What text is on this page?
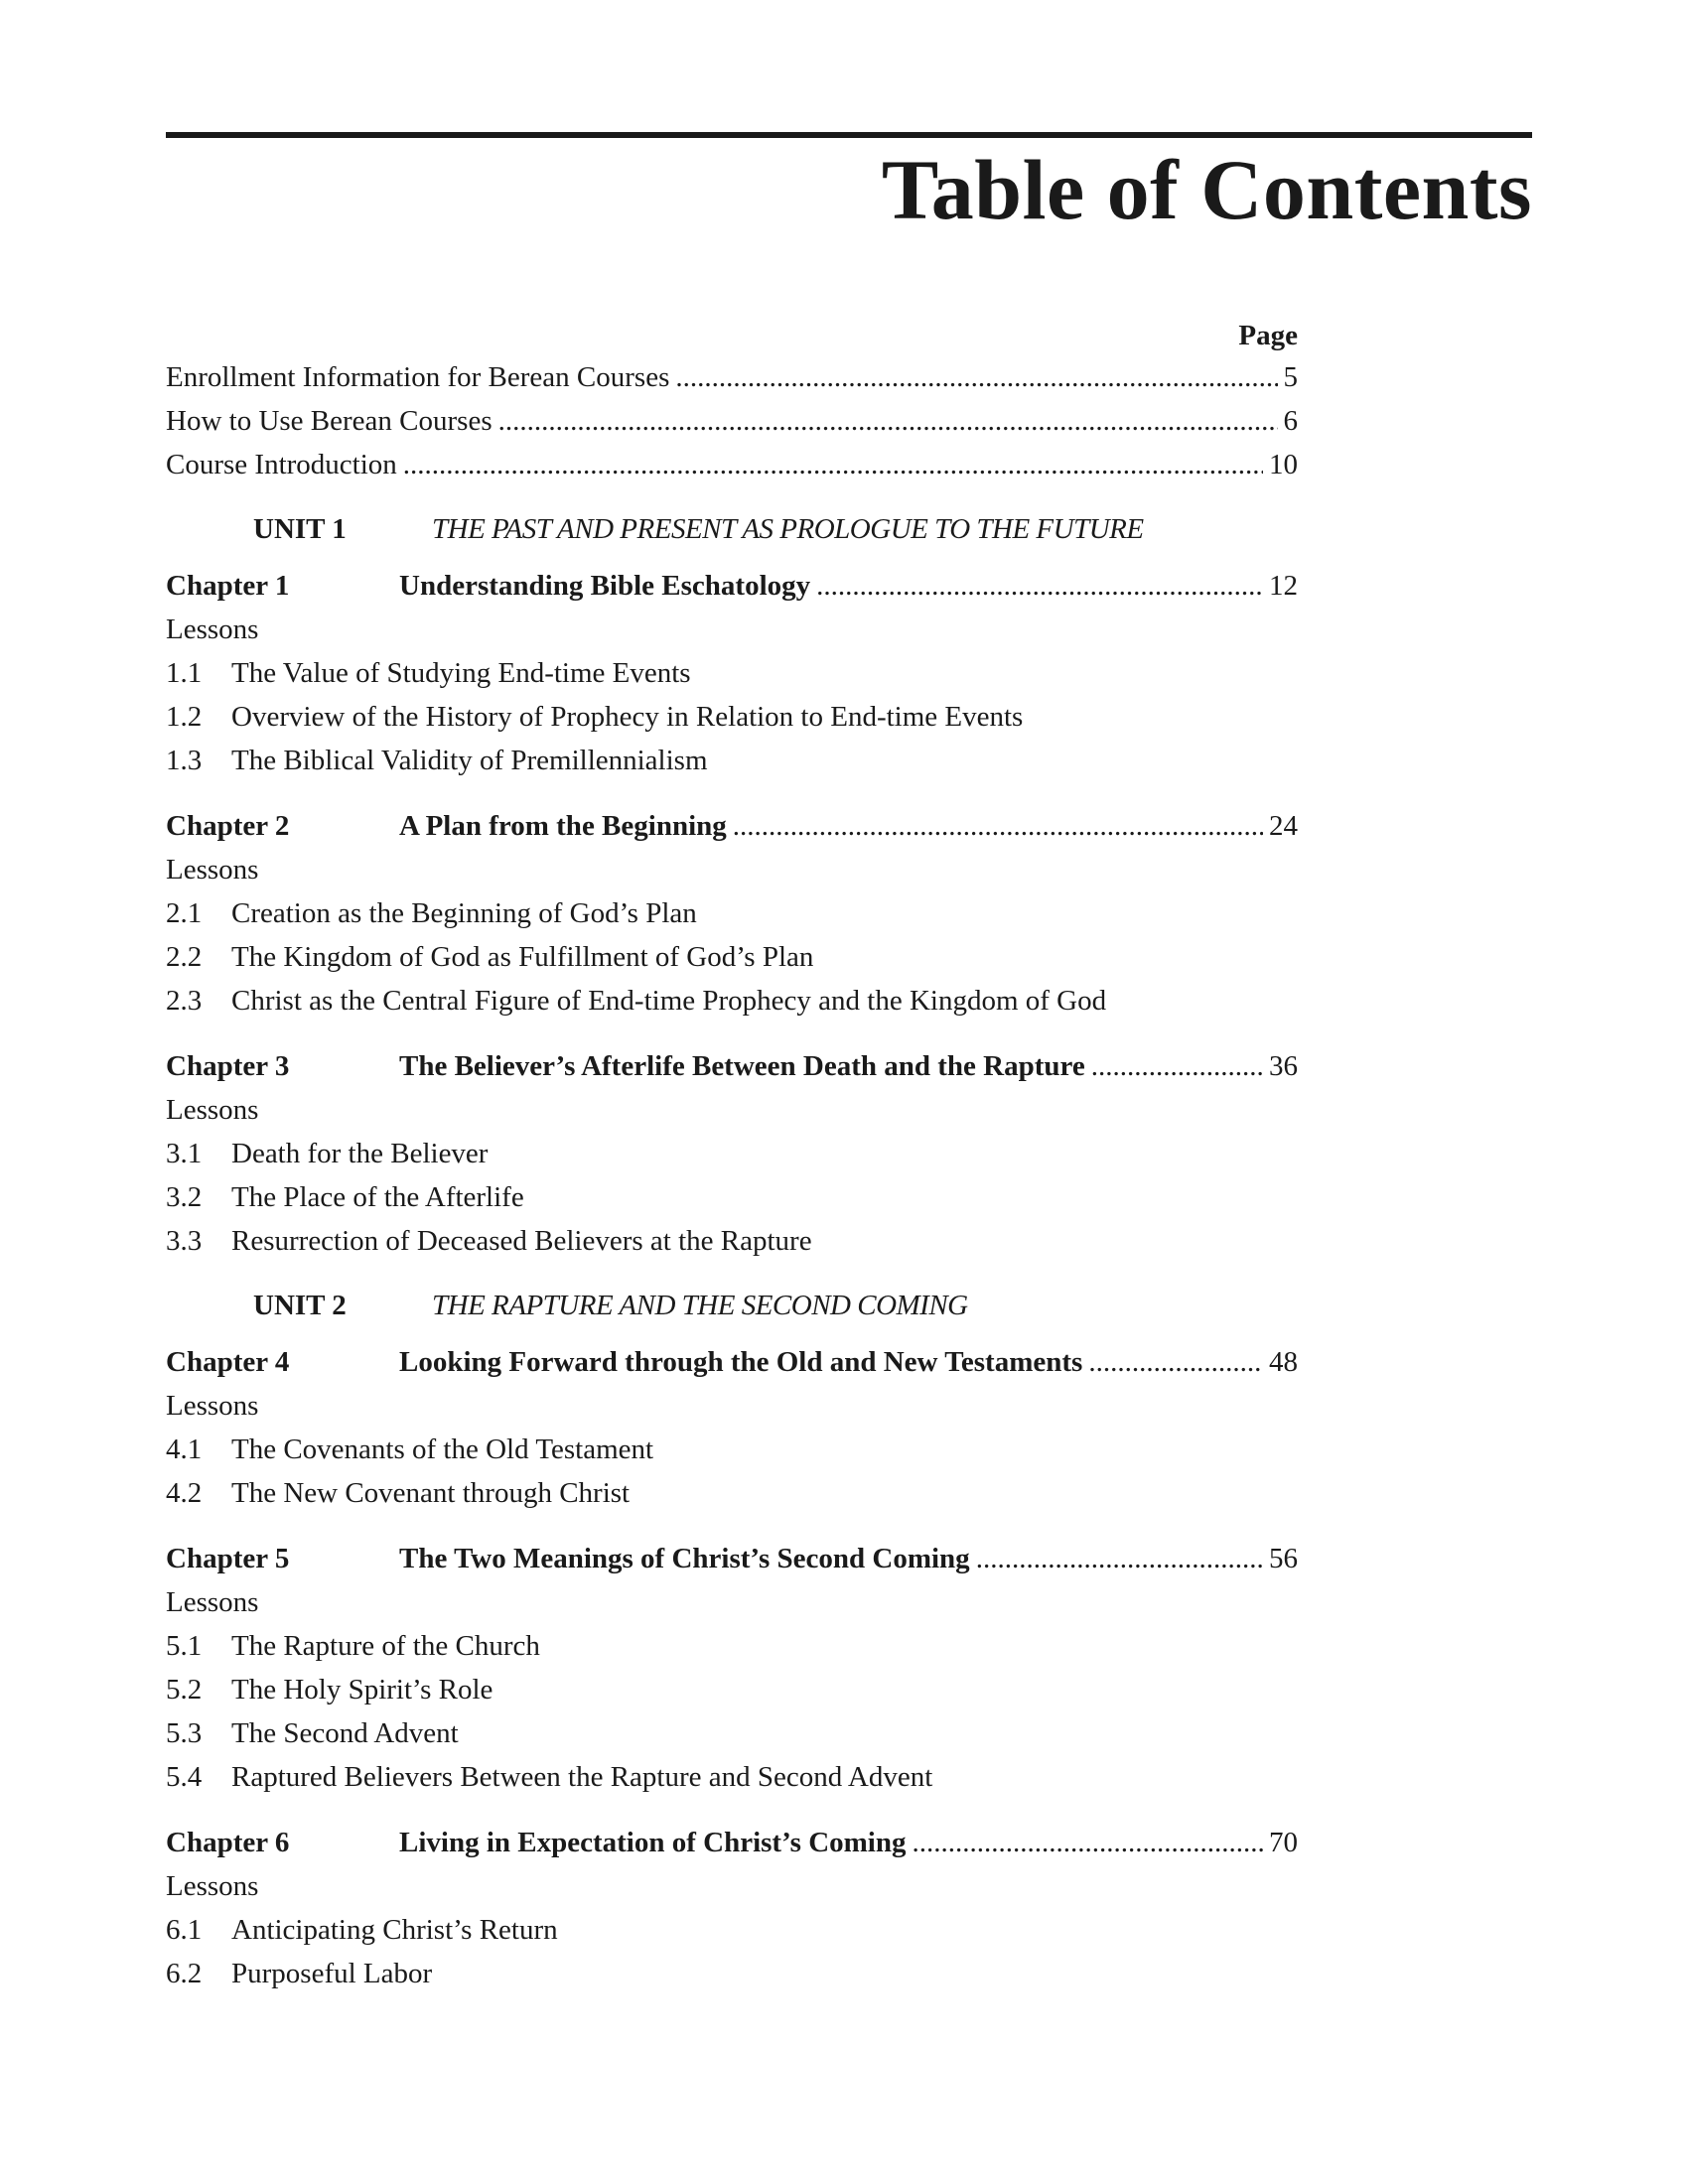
Table of Contents
Page
Enrollment Information for Berean Courses .....	5
How to Use Berean Courses .....	6
Course Introduction .....	10
UNIT 1	THE PAST AND PRESENT AS PROLOGUE TO THE FUTURE
Chapter 1	Understanding Bible Eschatology .....	12
Lessons
1.1	The Value of Studying End-time Events
1.2	Overview of the History of Prophecy in Relation to End-time Events
1.3	The Biblical Validity of Premillennialism
Chapter 2	A Plan from the Beginning .....	24
Lessons
2.1	Creation as the Beginning of God’s Plan
2.2	The Kingdom of God as Fulfillment of God’s Plan
2.3	Christ as the Central Figure of End-time Prophecy and the Kingdom of God
Chapter 3	The Believer’s Afterlife Between Death and the Rapture .....	36
Lessons
3.1	Death for the Believer
3.2	The Place of the Afterlife
3.3	Resurrection of Deceased Believers at the Rapture
UNIT 2	THE RAPTURE AND THE SECOND COMING
Chapter 4	Looking Forward through the Old and New Testaments .....	48
Lessons
4.1	The Covenants of the Old Testament
4.2	The New Covenant through Christ
Chapter 5	The Two Meanings of Christ’s Second Coming .....	56
Lessons
5.1	The Rapture of the Church
5.2	The Holy Spirit’s Role
5.3	The Second Advent
5.4	Raptured Believers Between the Rapture and Second Advent
Chapter 6	Living in Expectation of Christ’s Coming .....	70
Lessons
6.1	Anticipating Christ’s Return
6.2	Purposeful Labor
